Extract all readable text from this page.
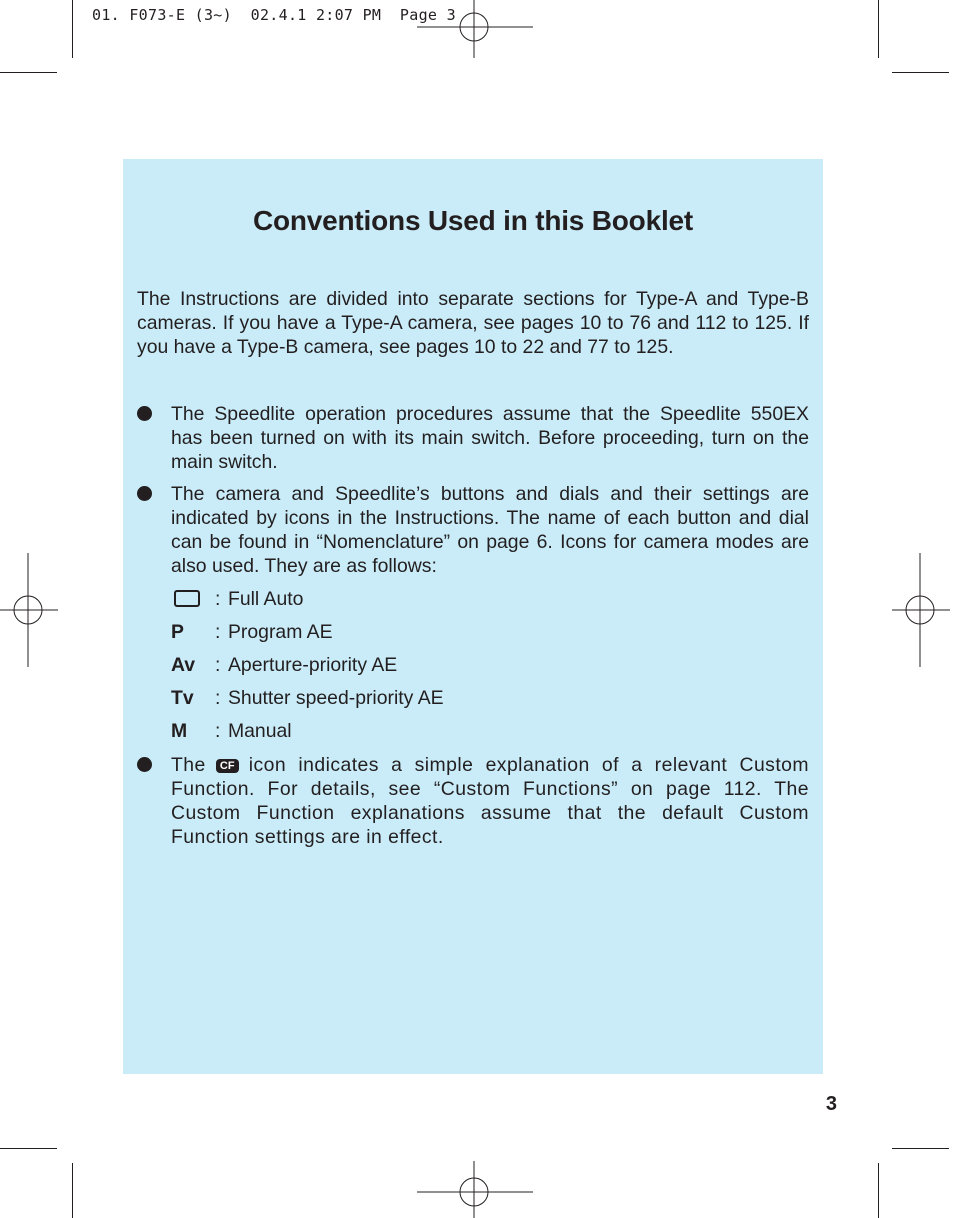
01. F073-E (3~)  02.4.1 2:07 PM  Page 3
Conventions Used in this Booklet
The Instructions are divided into separate sections for Type-A and Type-B cameras. If you have a Type-A camera, see pages 10 to 76 and 112 to 125. If you have a Type-B camera, see pages 10 to 22 and 77 to 125.
The Speedlite operation procedures assume that the Speedlite 550EX has been turned on with its main switch. Before proceeding, turn on the main switch.
The camera and Speedlite’s buttons and dials and their settings are indicated by icons in the Instructions. The name of each button and dial can be found in “Nomenclature” on page 6. Icons for camera modes are also used. They are as follows:
: Full Auto
P	: Program AE
Av	: Aperture-priority AE
Tv	: Shutter speed-priority AE
M	: Manual
The CF icon indicates a simple explanation of a relevant Custom Function. For details, see “Custom Functions” on page 112. The Custom Function explanations assume that the default Custom Function settings are in effect.
3
